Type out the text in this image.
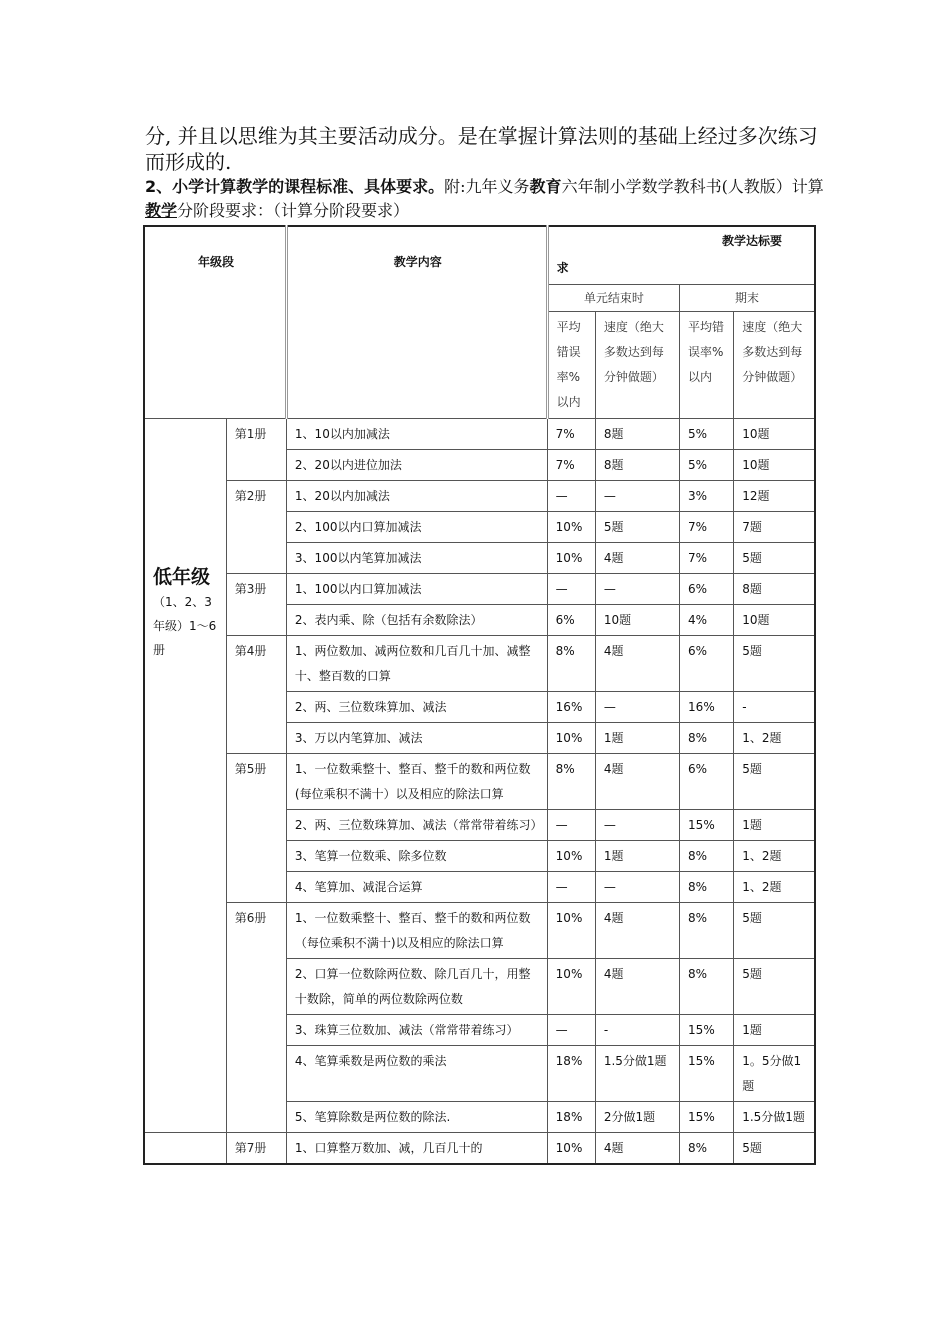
分, 并且以思维为其主要活动成分。是在掌握计算法则的基础上经过多次练习而形成的.
2、小学计算教学的课程标准、具体要求。附:九年义务教育六年制小学数学教科书(人教版）计算教学分阶段要求：（计算分阶段要求）
年级段		教学内容	教学达标要
求			
			单元结束时		期末	
			平均错误率% 以内	速度（绝大多数达到每分钟做题）	平均错误率% 以内	速度（绝大多数达到每分钟做题）

低年级
（1、2、3年级）1～6册	第1册	1、10以内加减法	7%	8题	5%	10题
		2、20以内进位加法	7%	8题	5%	10题
	第2册	1、20以内加减法	—	—	3%	12题
		2、100以内口算加减法	10%	5题	7%	7题
		3、100以内笔算加减法	10%	4题	7%	5题
	第3册	1、100以内口算加减法	—	—	6%	8题
		2、表内乘、除（包括有余数除法）	6%	10题	4%	10题
	第4册	1、两位数加、减两位数和几百几十加、减整十、整百数的口算	8%	4题	6%	5题
		2、两、三位数珠算加、减法	16%	—	16%	-
		3、万以内笔算加、减法	10%	1题	8%	1、2题
	第5册	1、一位数乘整十、整百、整千的数和两位数(每位乘积不满十）以及相应的除法口算	8%	4题	6%	5题
		2、两、三位数珠算加、减法（常常带着练习）	—	—	15%	1题
		3、笔算一位数乘、除多位数	10%	1题	8%	1、2题
		4、笔算加、减混合运算	—	—	8%	1、2题
	第6册	1、一位数乘整十、整百、整千的数和两位数（每位乘积不满十)以及相应的除法口算	10%	4题	8%	5题
		2、口算一位数除两位数、除几百几十，用整十数除，简单的两位数除两位数	10%	4题	8%	5题
		3、珠算三位数加、减法（常常带着练习）	—	-	15%	1题
		4、笔算乘数是两位数的乘法	18%	1.5分做1题	15%	1。5分做1题
		5、笔算除数是两位数的除法.	18%	2分做1题	15%	1.5分做1题
	第7册	1、口算整万数加、减，几百几十的	10%	4题	8%	5题
